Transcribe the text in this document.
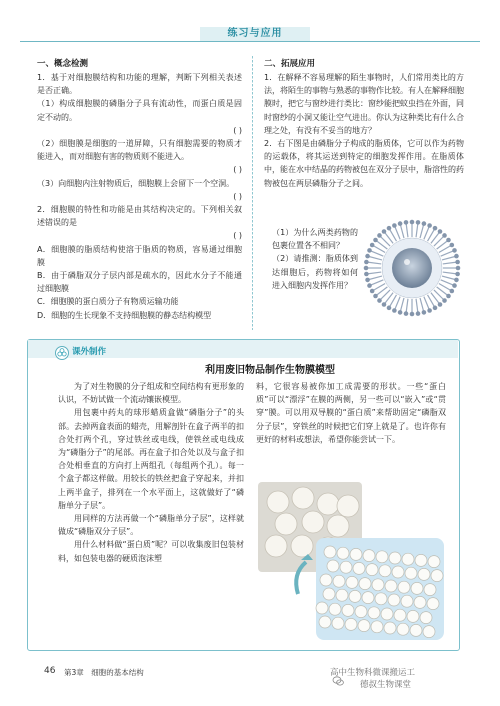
练习与应用
一、概念检测

1．基于对细胞膜结构和功能的理解，判断下列相关表述是否正确。

（1）构成细胞膜的磷脂分子具有流动性，而蛋白质是固定不动的。

( )

（2）细胞膜是细胞的一道屏障，只有细胞需要的物质才能进入，而对细胞有害的物质则不能进入。

( )

（3）向细胞内注射物质后，细胞膜上会留下一个空洞。

( )

2．细胞膜的特性和功能是由其结构决定的。下列相关叙述错误的是

( )

A．细胞膜的脂质结构使溶于脂质的物质，容易通过细胞膜

B．由于磷脂双分子层内部是疏水的，因此水分子不能通过细胞膜

C．细胞膜的蛋白质分子有物质运输功能

D．细胞的生长现象不支持细胞膜的静态结构模型

二、拓展应用

1．在解释不容易理解的陌生事物时，人们常用类比的方法，将陌生的事物与熟悉的事物作比较。有人在解释细胞膜时，把它与窗纱进行类比：窗纱能把蚊虫挡在外面，同时窗纱的小洞又能让空气进出。你认为这种类比有什么合理之处，有没有不妥当的地方？

2．右下图是由磷脂分子构成的脂质体，它可以作为药物的运载体，将其运送到特定的细胞发挥作用。在脂质体中，能在水中结晶的药物被包在双分子层中，脂溶性的药物被包在两层磷脂分子之间。

（1）为什么两类药物的包裹位置各不相同？

（2）请推测：脂质体到达细胞后，药物将如何进入细胞内发挥作用？

课外制作
利用废旧物品制作生物膜模型

为了对生物膜的分子组成和空间结构有更形象的认识，不妨试做一个流动镶嵌模型。

用包裹中药丸的球形蜡质盒做“磷脂分子”的头部。去掉两盒表面的蜡壳，用解剖针在盒子两半的扣合处打两个孔，穿过铁丝或电线，使铁丝或电线成为“磷脂分子”的尾部。再在盒子扣合处以及与盒子扣合处相垂直的方向打上两组孔（每组两个孔）。每一个盒子都这样做。用较长的铁丝把盒子穿起来，并扣上两半盒子，排列在一个水平面上，这就做好了“磷脂单分子层”。

用同样的方法再做一个“磷脂单分子层”，这样就做成“磷脂双分子层”。

用什么材料做“蛋白质”呢？可以收集废旧包装材料，如包装电器的硬质泡沫塑

料，它很容易被你加工成需要的形状。一些“蛋白质”可以“漂浮”在膜的两侧，另一些可以“嵌入”或“贯穿”膜。可以用双导膜的“蛋白质”来帮助固定“磷脂双分子层”，穿铁丝的时候把它们穿上就是了。也许你有更好的材料或想法，希望你能尝试一下。

46 第3章　细胞的基本结构	高中生物科微课搬运工
德叔生物课堂
